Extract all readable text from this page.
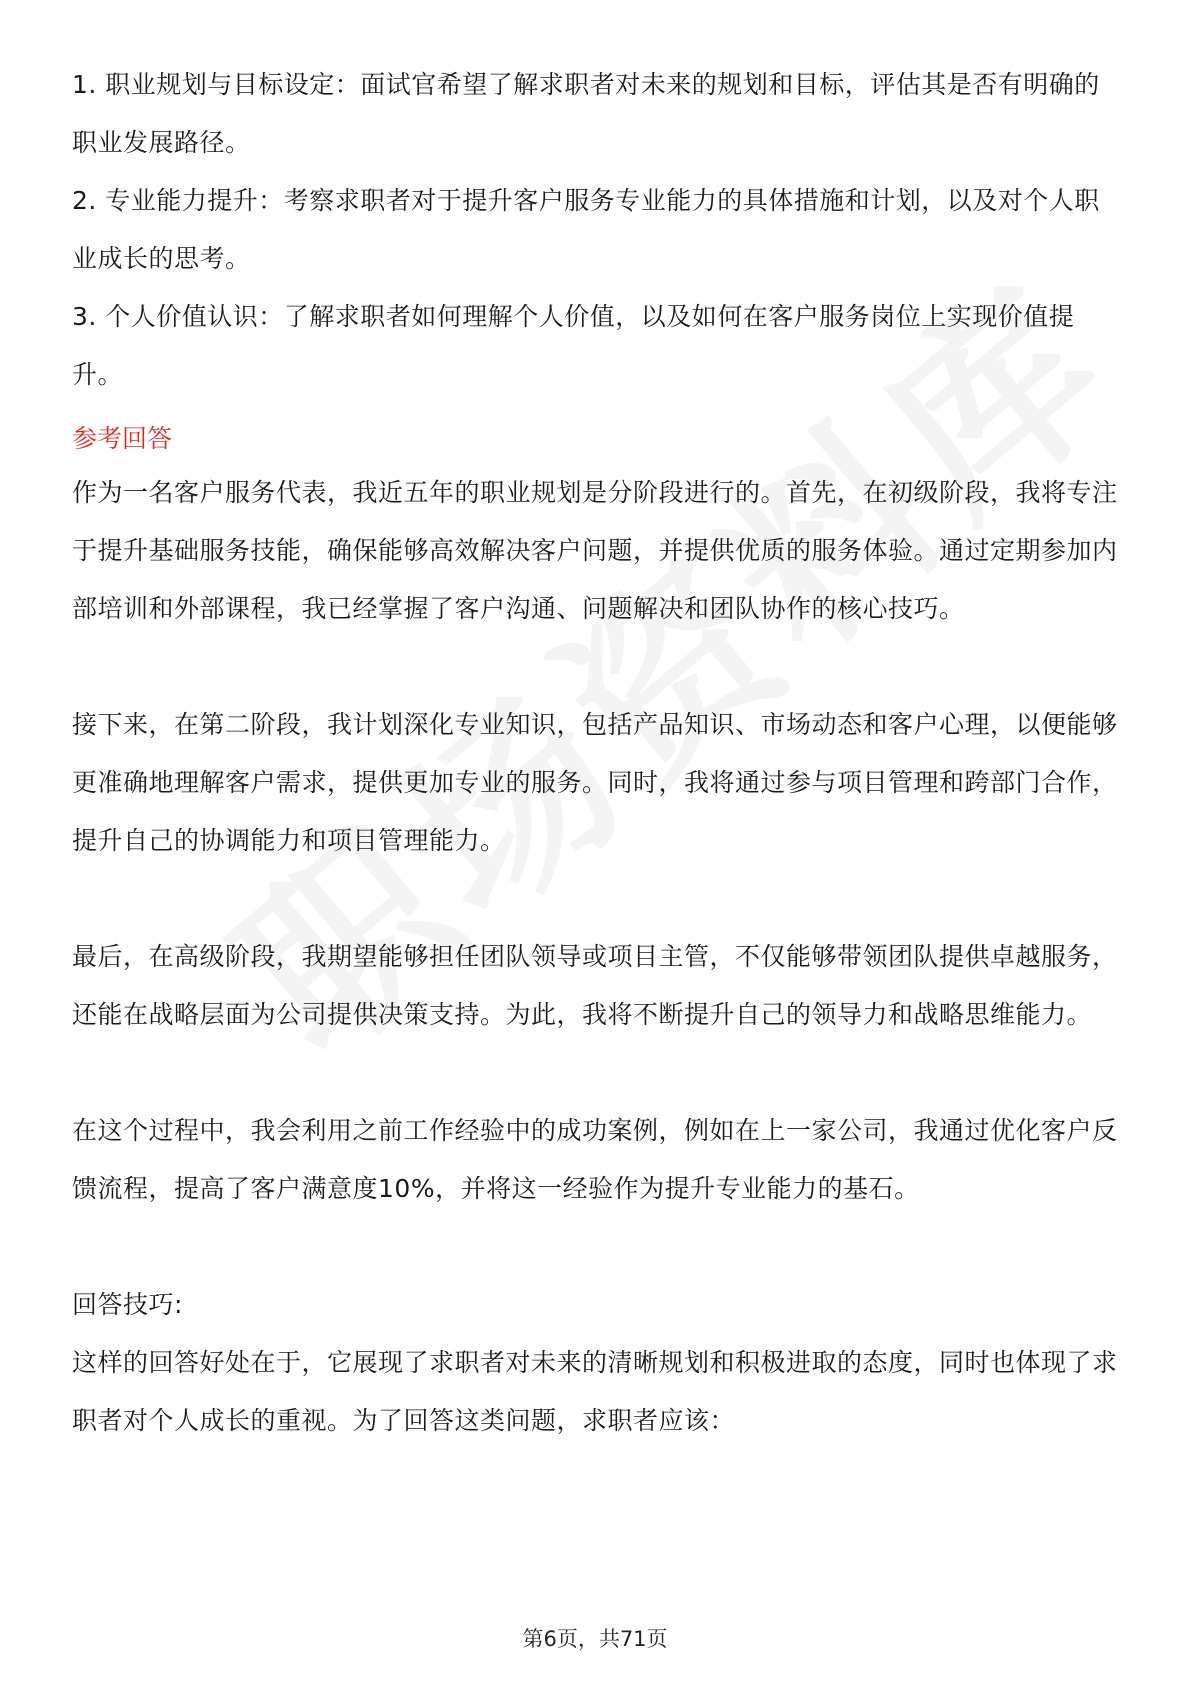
1. 职业规划与目标设定：面试官希望了解求职者对未来的规划和目标，评估其是否有明确的职业发展路径。

2. 专业能力提升：考察求职者对于提升客户服务专业能力的具体措施和计划，以及对个人职业成长的思考。

3. 个人价值认识：了解求职者如何理解个人价值，以及如何在客户服务岗位上实现价值提升。

参考回答

作为一名客户服务代表，我近五年的职业规划是分阶段进行的。首先，在初级阶段，我将专注于提升基础服务技能，确保能够高效解决客户问题，并提供优质的服务体验。通过定期参加内部培训和外部课程，我已经掌握了客户沟通、问题解决和团队协作的核心技巧。

接下来，在第二阶段，我计划深化专业知识，包括产品知识、市场动态和客户心理，以便能够更准确地理解客户需求，提供更加专业的服务。同时，我将通过参与项目管理和跨部门合作，提升自己的协调能力和项目管理能力。

最后，在高级阶段，我期望能够担任团队领导或项目主管，不仅能够带领团队提供卓越服务，还能在战略层面为公司提供决策支持。为此，我将不断提升自己的领导力和战略思维能力。

在这个过程中，我会利用之前工作经验中的成功案例，例如在上一家公司，我通过优化客户反馈流程，提高了客户满意度10%，并将这一经验作为提升专业能力的基石。

回答技巧:

这样的回答好处在于，它展现了求职者对未来的清晰规划和积极进取的态度，同时也体现了求职者对个人成长的重视。为了回答这类问题，求职者应该：

第6页，共71页
